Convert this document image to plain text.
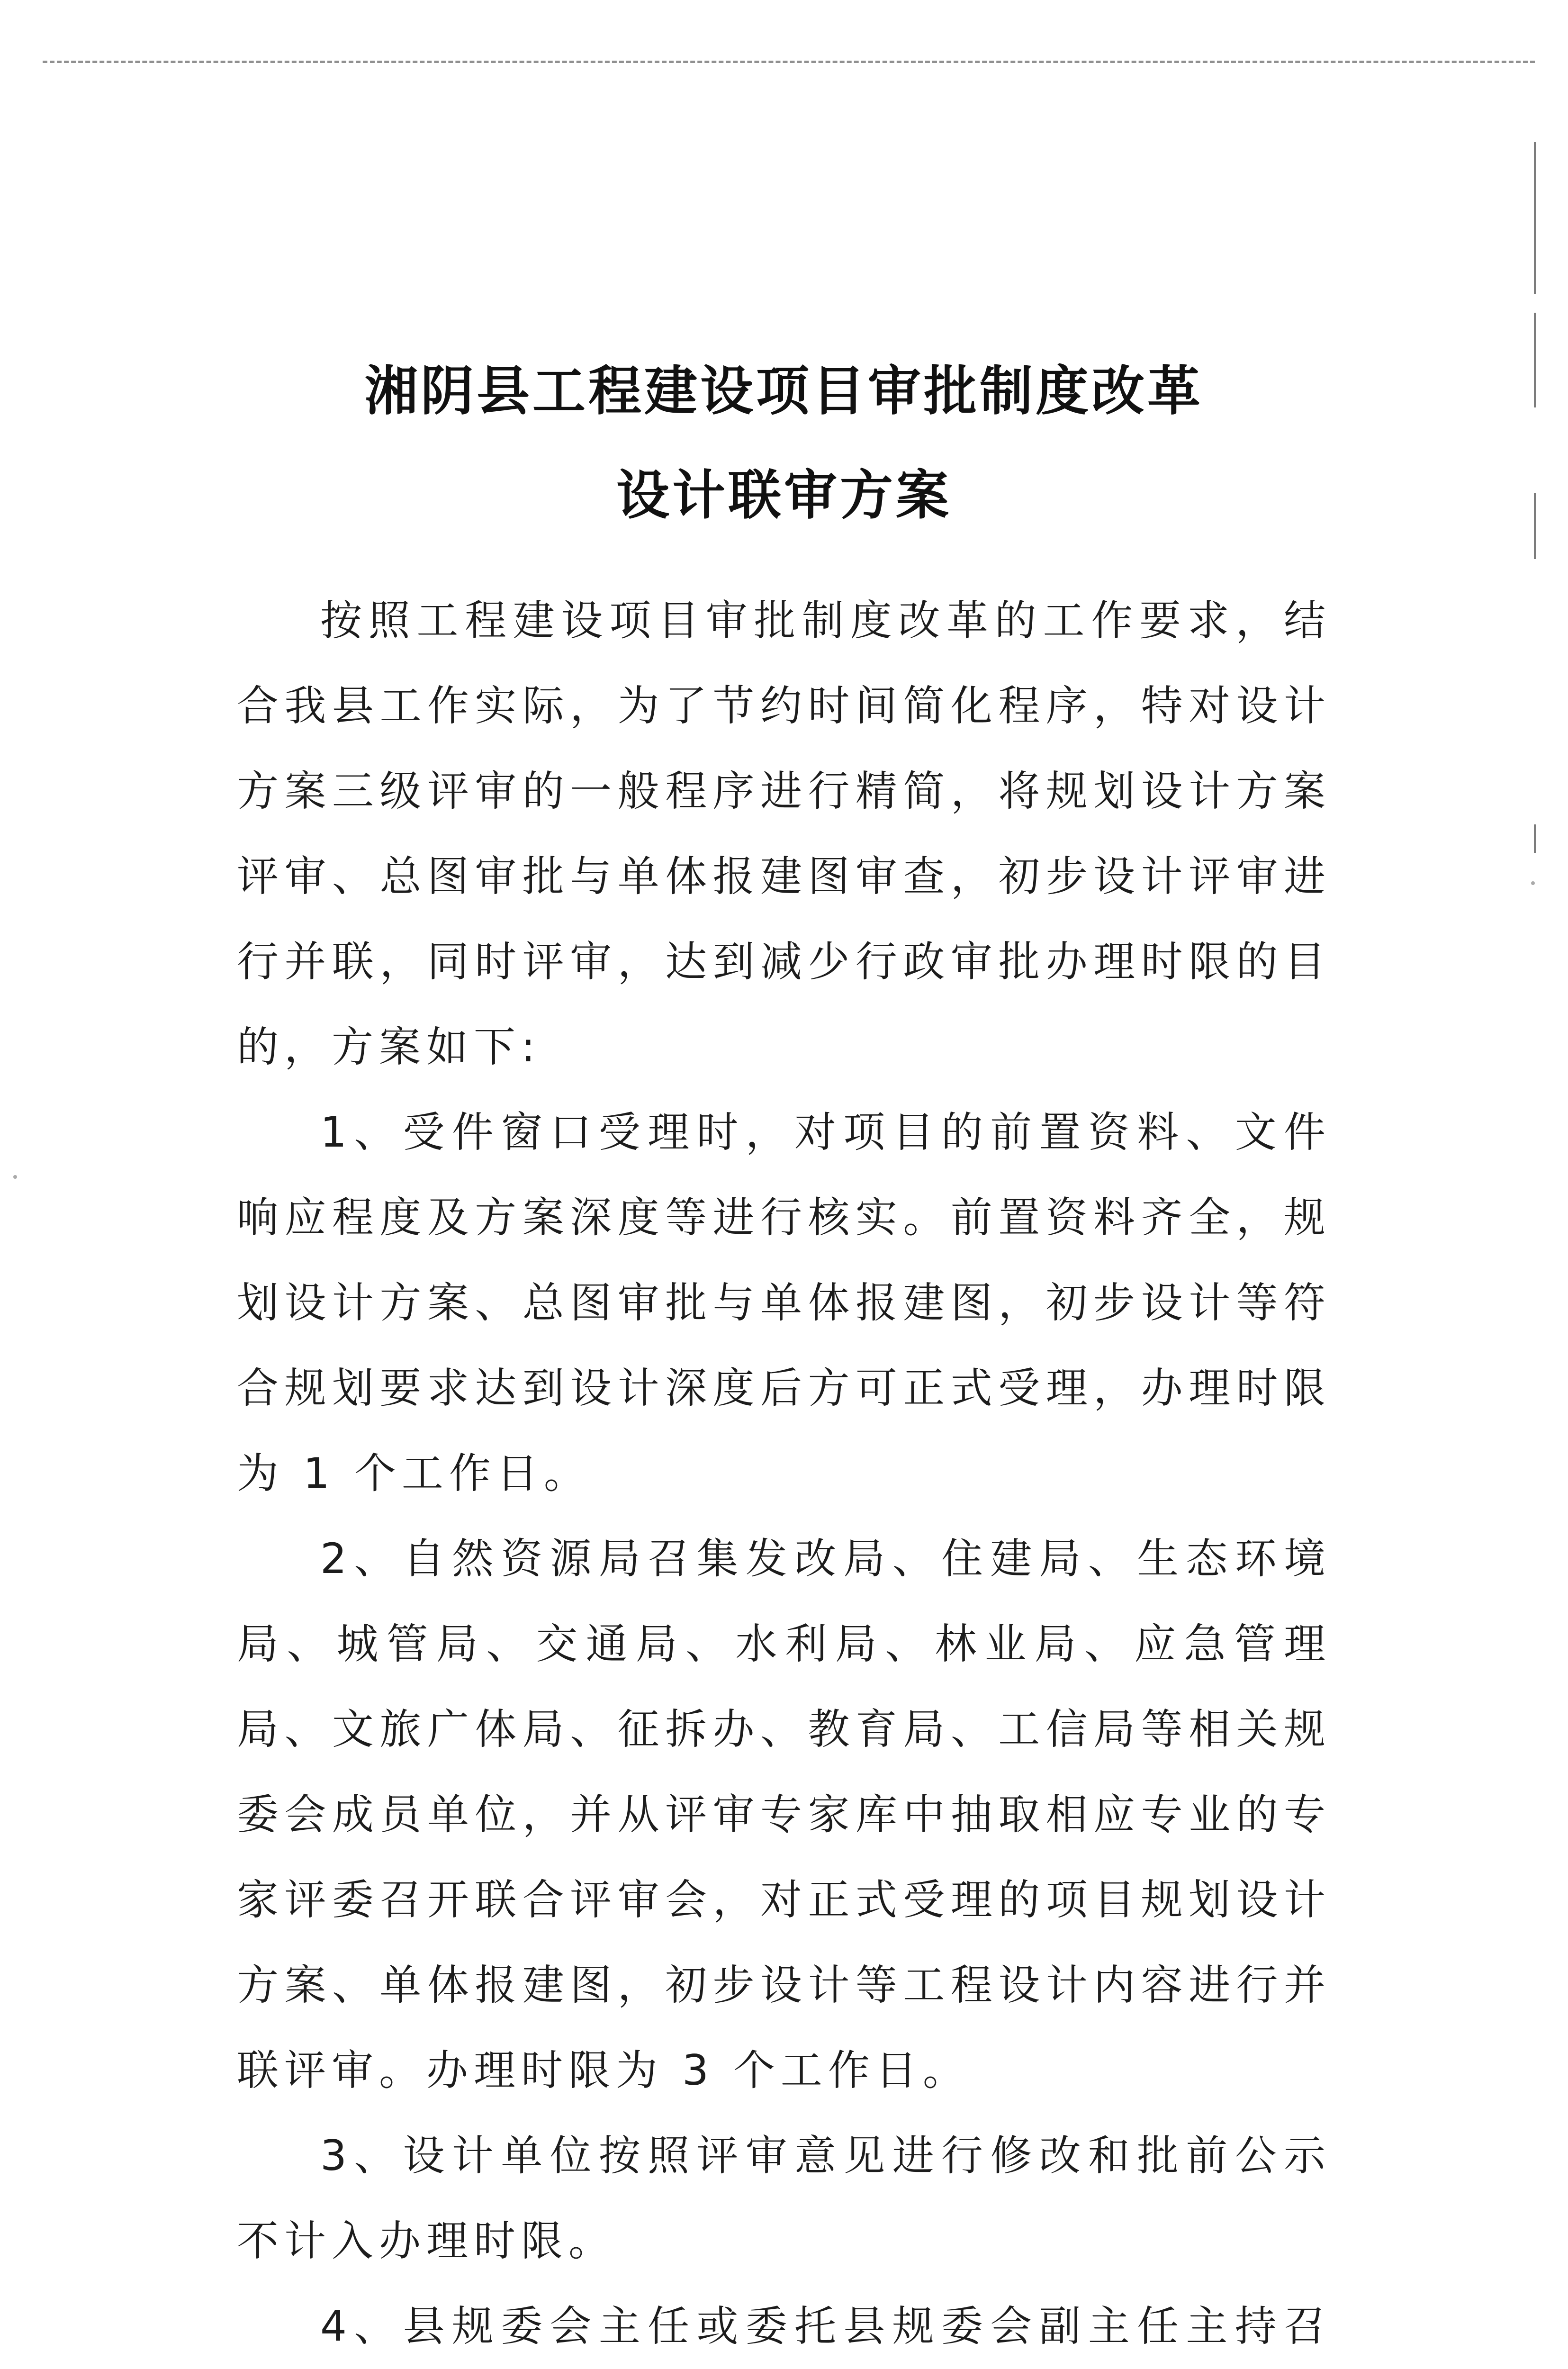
湘阴县工程建设项目审批制度改革
设计联审方案

按照工程建设项目审批制度改革的工作要求，结合我县工作实际，为了节约时间简化程序，特对设计方案三级评审的一般程序进行精简，将规划设计方案评审、总图审批与单体报建图审查，初步设计评审进行并联，同时评审，达到减少行政审批办理时限的目的，方案如下:

1、受件窗口受理时，对项目的前置资料、文件响应程度及方案深度等进行核实。前置资料齐全，规划设计方案、总图审批与单体报建图，初步设计等符合规划要求达到设计深度后方可正式受理，办理时限为 1 个工作日。

2、自然资源局召集发改局、住建局、生态环境局、城管局、交通局、水利局、林业局、应急管理局、文旅广体局、征拆办、教育局、工信局等相关规委会成员单位，并从评审专家库中抽取相应专业的专家评委召开联合评审会，对正式受理的项目规划设计方案、单体报建图，初步设计等工程设计内容进行并联评审。办理时限为 3 个工作日。

3、设计单位按照评审意见进行修改和批前公示不计入办理时限。

4、县规委会主任或委托县规委会副主任主持召
